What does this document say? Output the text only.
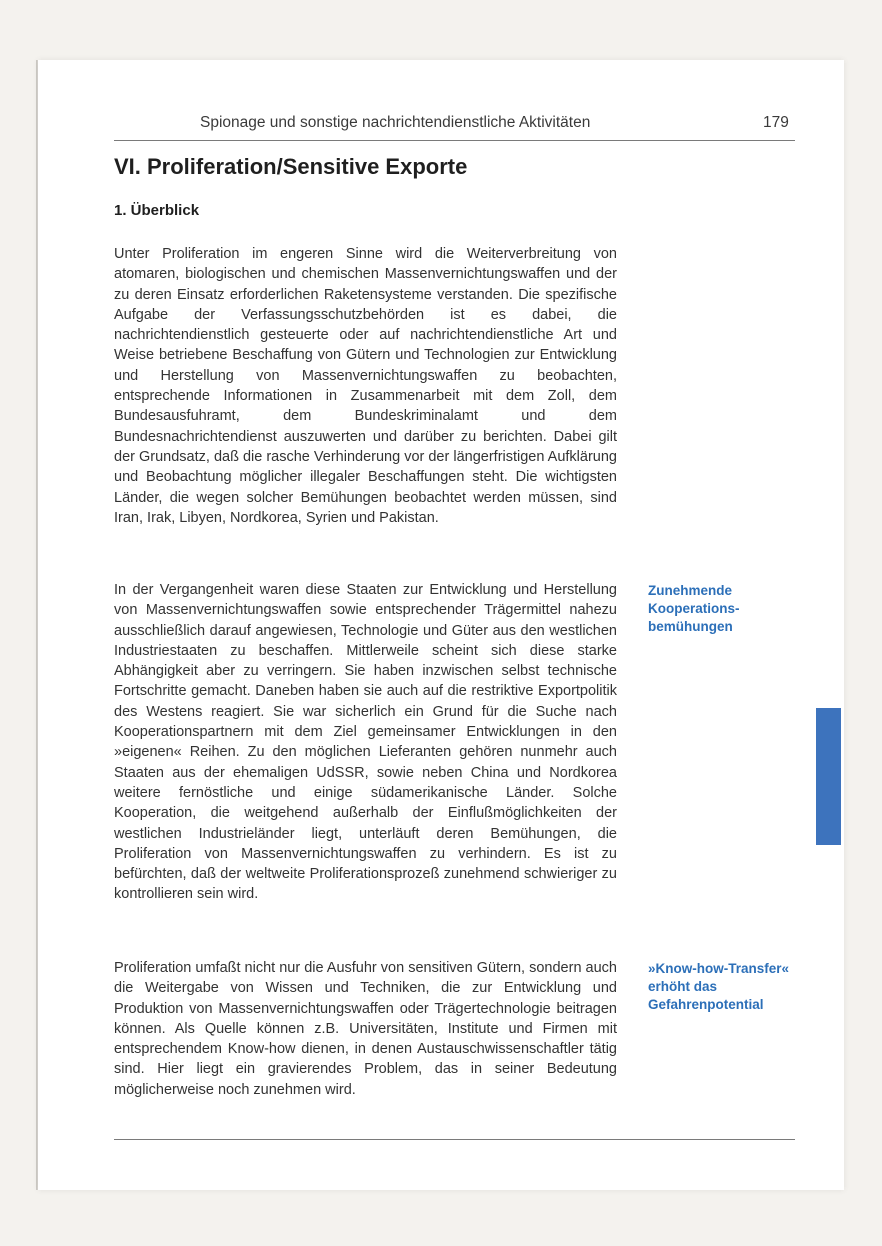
Spionage und sonstige nachrichtendienstliche Aktivitäten	179
VI. Proliferation/Sensitive Exporte
1. Überblick

Unter Proliferation im engeren Sinne wird die Weiterverbreitung von atomaren, biologischen und chemischen Massenvernichtungswaffen und der zu deren Einsatz erforderlichen Raketensysteme verstanden. Die spezifische Aufgabe der Verfassungsschutzbehörden ist es dabei, die nachrichtendienstlich gesteuerte oder auf nachrichtendienstliche Art und Weise betriebene Beschaffung von Gütern und Technologien zur Entwicklung und Herstellung von Massenvernichtungswaffen zu beobachten, entsprechende Informationen in Zusammenarbeit mit dem Zoll, dem Bundesausfuhramt, dem Bundeskriminalamt und dem Bundesnachrichtendienst auszuwerten und darüber zu berichten. Dabei gilt der Grundsatz, daß die rasche Verhinderung vor der längerfristigen Aufklärung und Beobachtung möglicher illegaler Beschaffungen steht. Die wichtigsten Länder, die wegen solcher Bemühungen beobachtet werden müssen, sind Iran, Irak, Libyen, Nordkorea, Syrien und Pakistan.

In der Vergangenheit waren diese Staaten zur Entwicklung und Herstellung von Massenvernichtungswaffen sowie entsprechender Trägermittel nahezu ausschließlich darauf angewiesen, Technologie und Güter aus den westlichen Industriestaaten zu beschaffen. Mittlerweile scheint sich diese starke Abhängigkeit aber zu verringern. Sie haben inzwischen selbst technische Fortschritte gemacht. Daneben haben sie auch auf die restriktive Exportpolitik des Westens reagiert. Sie war sicherlich ein Grund für die Suche nach Kooperationspartnern mit dem Ziel gemeinsamer Entwicklungen in den »eigenen« Reihen. Zu den möglichen Lieferanten gehören nunmehr auch Staaten aus der ehemaligen UdSSR, sowie neben China und Nordkorea weitere fernöstliche und einige südamerikanische Länder. Solche Kooperation, die weitgehend außerhalb der Einflußmöglichkeiten der westlichen Industrieländer liegt, unterläuft deren Bemühungen, die Proliferation von Massenvernichtungswaffen zu verhindern. Es ist zu befürchten, daß der weltweite Proliferationsprozeß zunehmend schwieriger zu kontrollieren sein wird.

Proliferation umfaßt nicht nur die Ausfuhr von sensitiven Gütern, sondern auch die Weitergabe von Wissen und Techniken, die zur Entwicklung und Produktion von Massenvernichtungswaffen oder Trägertechnologie beitragen können. Als Quelle können z.B. Universitäten, Institute und Firmen mit entsprechendem Know-how dienen, in denen Austauschwissenschaftler tätig sind. Hier liegt ein gravierendes Problem, das in seiner Bedeutung möglicherweise noch zunehmen wird.

Zunehmende Kooperations-bemühungen

»Know-how-Transfer« erhöht das Gefahrenpotential
